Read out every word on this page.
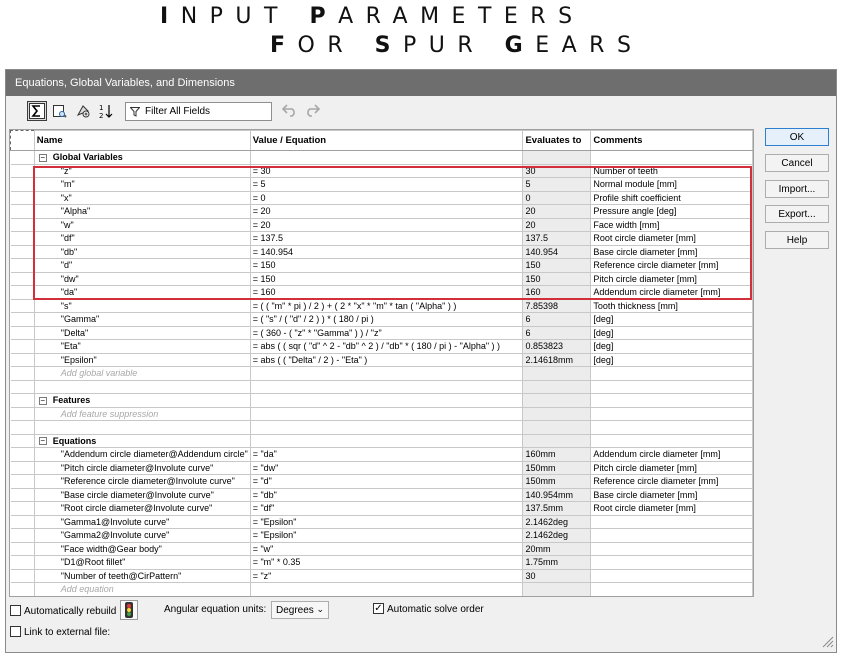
INPUT PARAMETERS
FOR SPUR GEARS
Equations, Global Variables, and Dimensions
1
2	Filter All Fields
	Name	Value / Equation	Evaluates to	Comments
	− Global Variables			
	"z"	= 30	30	Number of teeth
	"m"	= 5	5	Normal module [mm]
	"x"	= 0	0	Profile shift coefficient
	"Alpha"	= 20	20	Pressure angle [deg]
	"w"	= 20	20	Face width [mm]
	"df"	= 137.5	137.5	Root circle diameter [mm]
	"db"	= 140.954	140.954	Base circle diameter [mm]
	"d"	= 150	150	Reference circle diameter [mm]
	"dw"	= 150	150	Pitch circle diameter [mm]
	"da"	= 160	160	Addendum circle diameter [mm]
	"s"	= ( ( "m" * pi ) / 2 ) + ( 2 * "x" * "m" * tan ( "Alpha" ) )	7.85398	Tooth thickness [mm]
	"Gamma"	= ( "s" / ( "d" / 2 ) ) * ( 180 / pi )	6	[deg]
	"Delta"	= ( 360 - ( "z" * "Gamma" ) ) / "z"	6	[deg]
	"Eta"	= abs ( ( sqr ( "d" ^ 2 - "db" ^ 2 ) / "db" * ( 180 / pi ) - "Alpha" ) )	0.853823	[deg]
	"Epsilon"	= abs ( ( "Delta" / 2 ) - "Eta" )	2.14618mm	[deg]
	Add global variable			

	− Features			
	Add feature suppression			

	− Equations			
	"Addendum circle diameter@Addendum circle"	= "da"	160mm	Addendum circle diameter [mm]
	"Pitch circle diameter@Involute curve"	= "dw"	150mm	Pitch circle diameter [mm]
	"Reference circle diameter@Involute curve"	= "d"	150mm	Reference circle diameter [mm]
	"Base circle diameter@Involute curve"	= "db"	140.954mm	Base circle diameter [mm]
	"Root circle diameter@Involute curve"	= "df"	137.5mm	Root circle diameter [mm]
	"Gamma1@Involute curve"	= "Epsilon"	2.1462deg	
	"Gamma2@Involute curve"	= "Epsilon"	2.1462deg	
	"Face width@Gear body"	= "w"	20mm	
	"D1@Root fillet"	= "m" * 0.35	1.75mm	
	"Number of teeth@CirPattern"	= "z"	30	
	Add equation			
OK
Cancel
Import...
Export...
Help
Automatically rebuild	Angular equation units: Degrees ⌄	✓ Automatic solve order
Link to external file:
